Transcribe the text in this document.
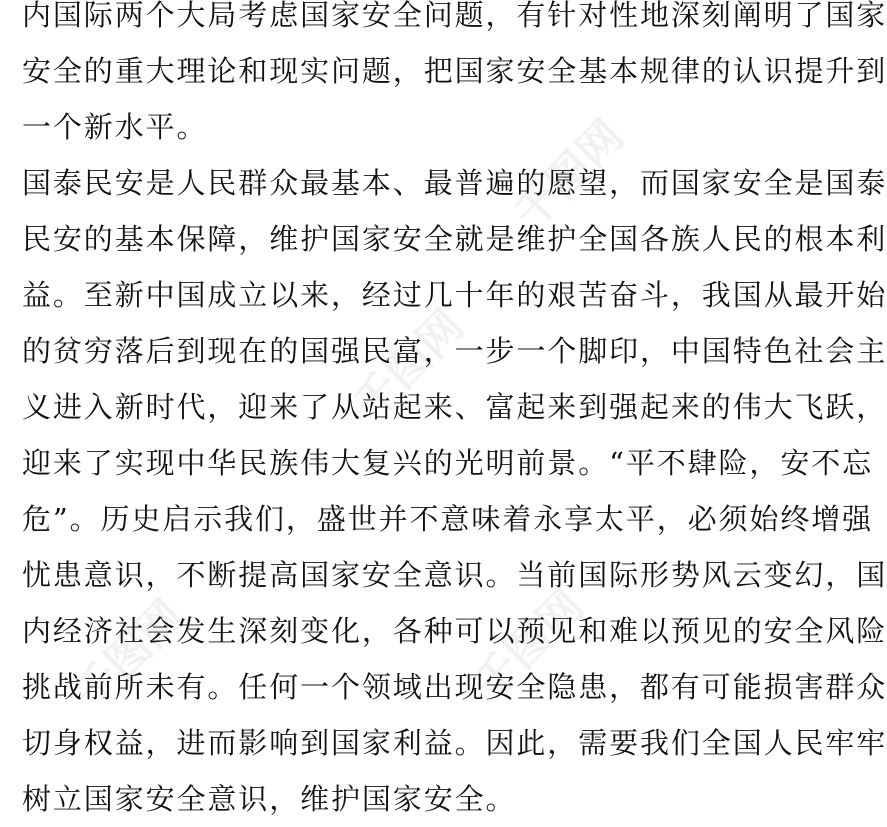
千图网
千图网
千图网	千图网
内国际两个大局考虑国家安全问题，有针对性地深刻阐明了国家
安全的重大理论和现实问题，把国家安全基本规律的认识提升到
一个新水平。
国泰民安是人民群众最基本、最普遍的愿望，而国家安全是国泰
民安的基本保障，维护国家安全就是维护全国各族人民的根本利
益。至新中国成立以来，经过几十年的艰苦奋斗，我国从最开始
的贫穷落后到现在的国强民富，一步一个脚印，中国特色社会主
义进入新时代，迎来了从站起来、富起来到强起来的伟大飞跃，
迎来了实现中华民族伟大复兴的光明前景。“平不肆险，安不忘
危”。历史启示我们，盛世并不意味着永享太平，必须始终增强
忧患意识，不断提高国家安全意识。当前国际形势风云变幻，国
内经济社会发生深刻变化，各种可以预见和难以预见的安全风险
挑战前所未有。任何一个领域出现安全隐患，都有可能损害群众
切身权益，进而影响到国家利益。因此，需要我们全国人民牢牢
树立国家安全意识，维护国家安全。
